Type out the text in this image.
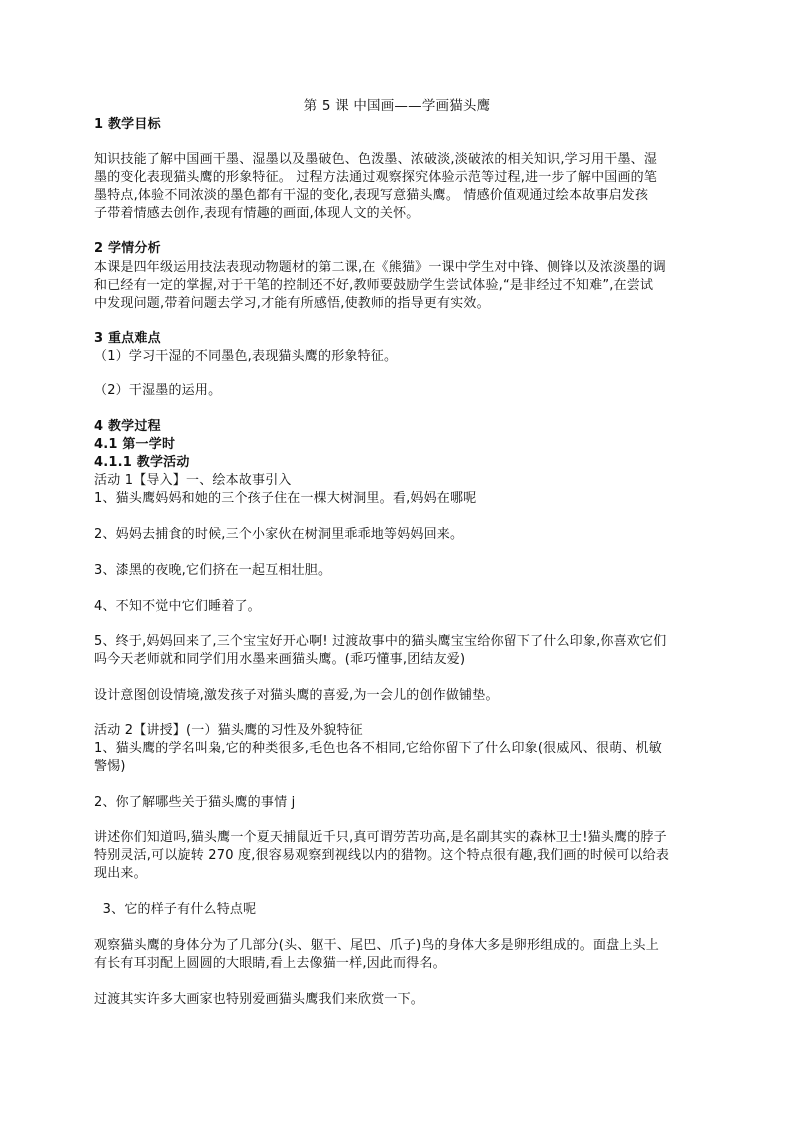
第 5 课 中国画——学画猫头鹰
1 教学目标
知识技能了解中国画干墨、湿墨以及墨破色、色泼墨、浓破淡,淡破浓的相关知识,学习用干墨、湿
墨的变化表现猫头鹰的形象特征。 过程方法通过观察探究体验示范等过程,进一步了解中国画的笔
墨特点,体验不同浓淡的墨色都有干湿的变化,表现写意猫头鹰。 情感价值观通过绘本故事启发孩
子带着情感去创作,表现有情趣的画面,体现人文的关怀。
2 学情分析
本课是四年级运用技法表现动物题材的第二课,在《熊猫》一课中学生对中锋、侧锋以及浓淡墨的调
和已经有一定的掌握,对于干笔的控制还不好,教师要鼓励学生尝试体验,“是非经过不知难”,在尝试
中发现问题,带着问题去学习,才能有所感悟,使教师的指导更有实效。
3 重点难点
（1）学习干湿的不同墨色,表现猫头鹰的形象特征。
（2）干湿墨的运用。
4 教学过程
4.1 第一学时
4.1.1 教学活动
活动 1【导入】一、绘本故事引入
1、猫头鹰妈妈和她的三个孩子住在一棵大树洞里。看,妈妈在哪呢
2、妈妈去捕食的时候,三个小家伙在树洞里乖乖地等妈妈回来。
3、漆黑的夜晚,它们挤在一起互相壮胆。
4、不知不觉中它们睡着了。
5、终于,妈妈回来了,三个宝宝好开心啊! 过渡故事中的猫头鹰宝宝给你留下了什么印象,你喜欢它们
吗今天老师就和同学们用水墨来画猫头鹰。(乖巧懂事,团结友爱)
设计意图创设情境,激发孩子对猫头鹰的喜爱,为一会儿的创作做铺垫。
活动 2【讲授】(一）猫头鹰的习性及外貌特征
1、猫头鹰的学名叫枭,它的种类很多,毛色也各不相同,它给你留下了什么印象(很威风、很萌、机敏
警惕)
2、你了解哪些关于猫头鹰的事情 j
讲述你们知道吗,猫头鹰一个夏天捕鼠近千只,真可谓劳苦功高,是名副其实的森林卫士!猫头鹰的脖子
特别灵活,可以旋转 270 度,很容易观察到视线以内的猎物。这个特点很有趣,我们画的时候可以给表
现出来。
3、它的样子有什么特点呢
观察猫头鹰的身体分为了几部分(头、躯干、尾巴、爪子)鸟的身体大多是卵形组成的。面盘上头上
有长有耳羽配上圆圆的大眼睛,看上去像猫一样,因此而得名。
过渡其实许多大画家也特别爱画猫头鹰我们来欣赏一下。
